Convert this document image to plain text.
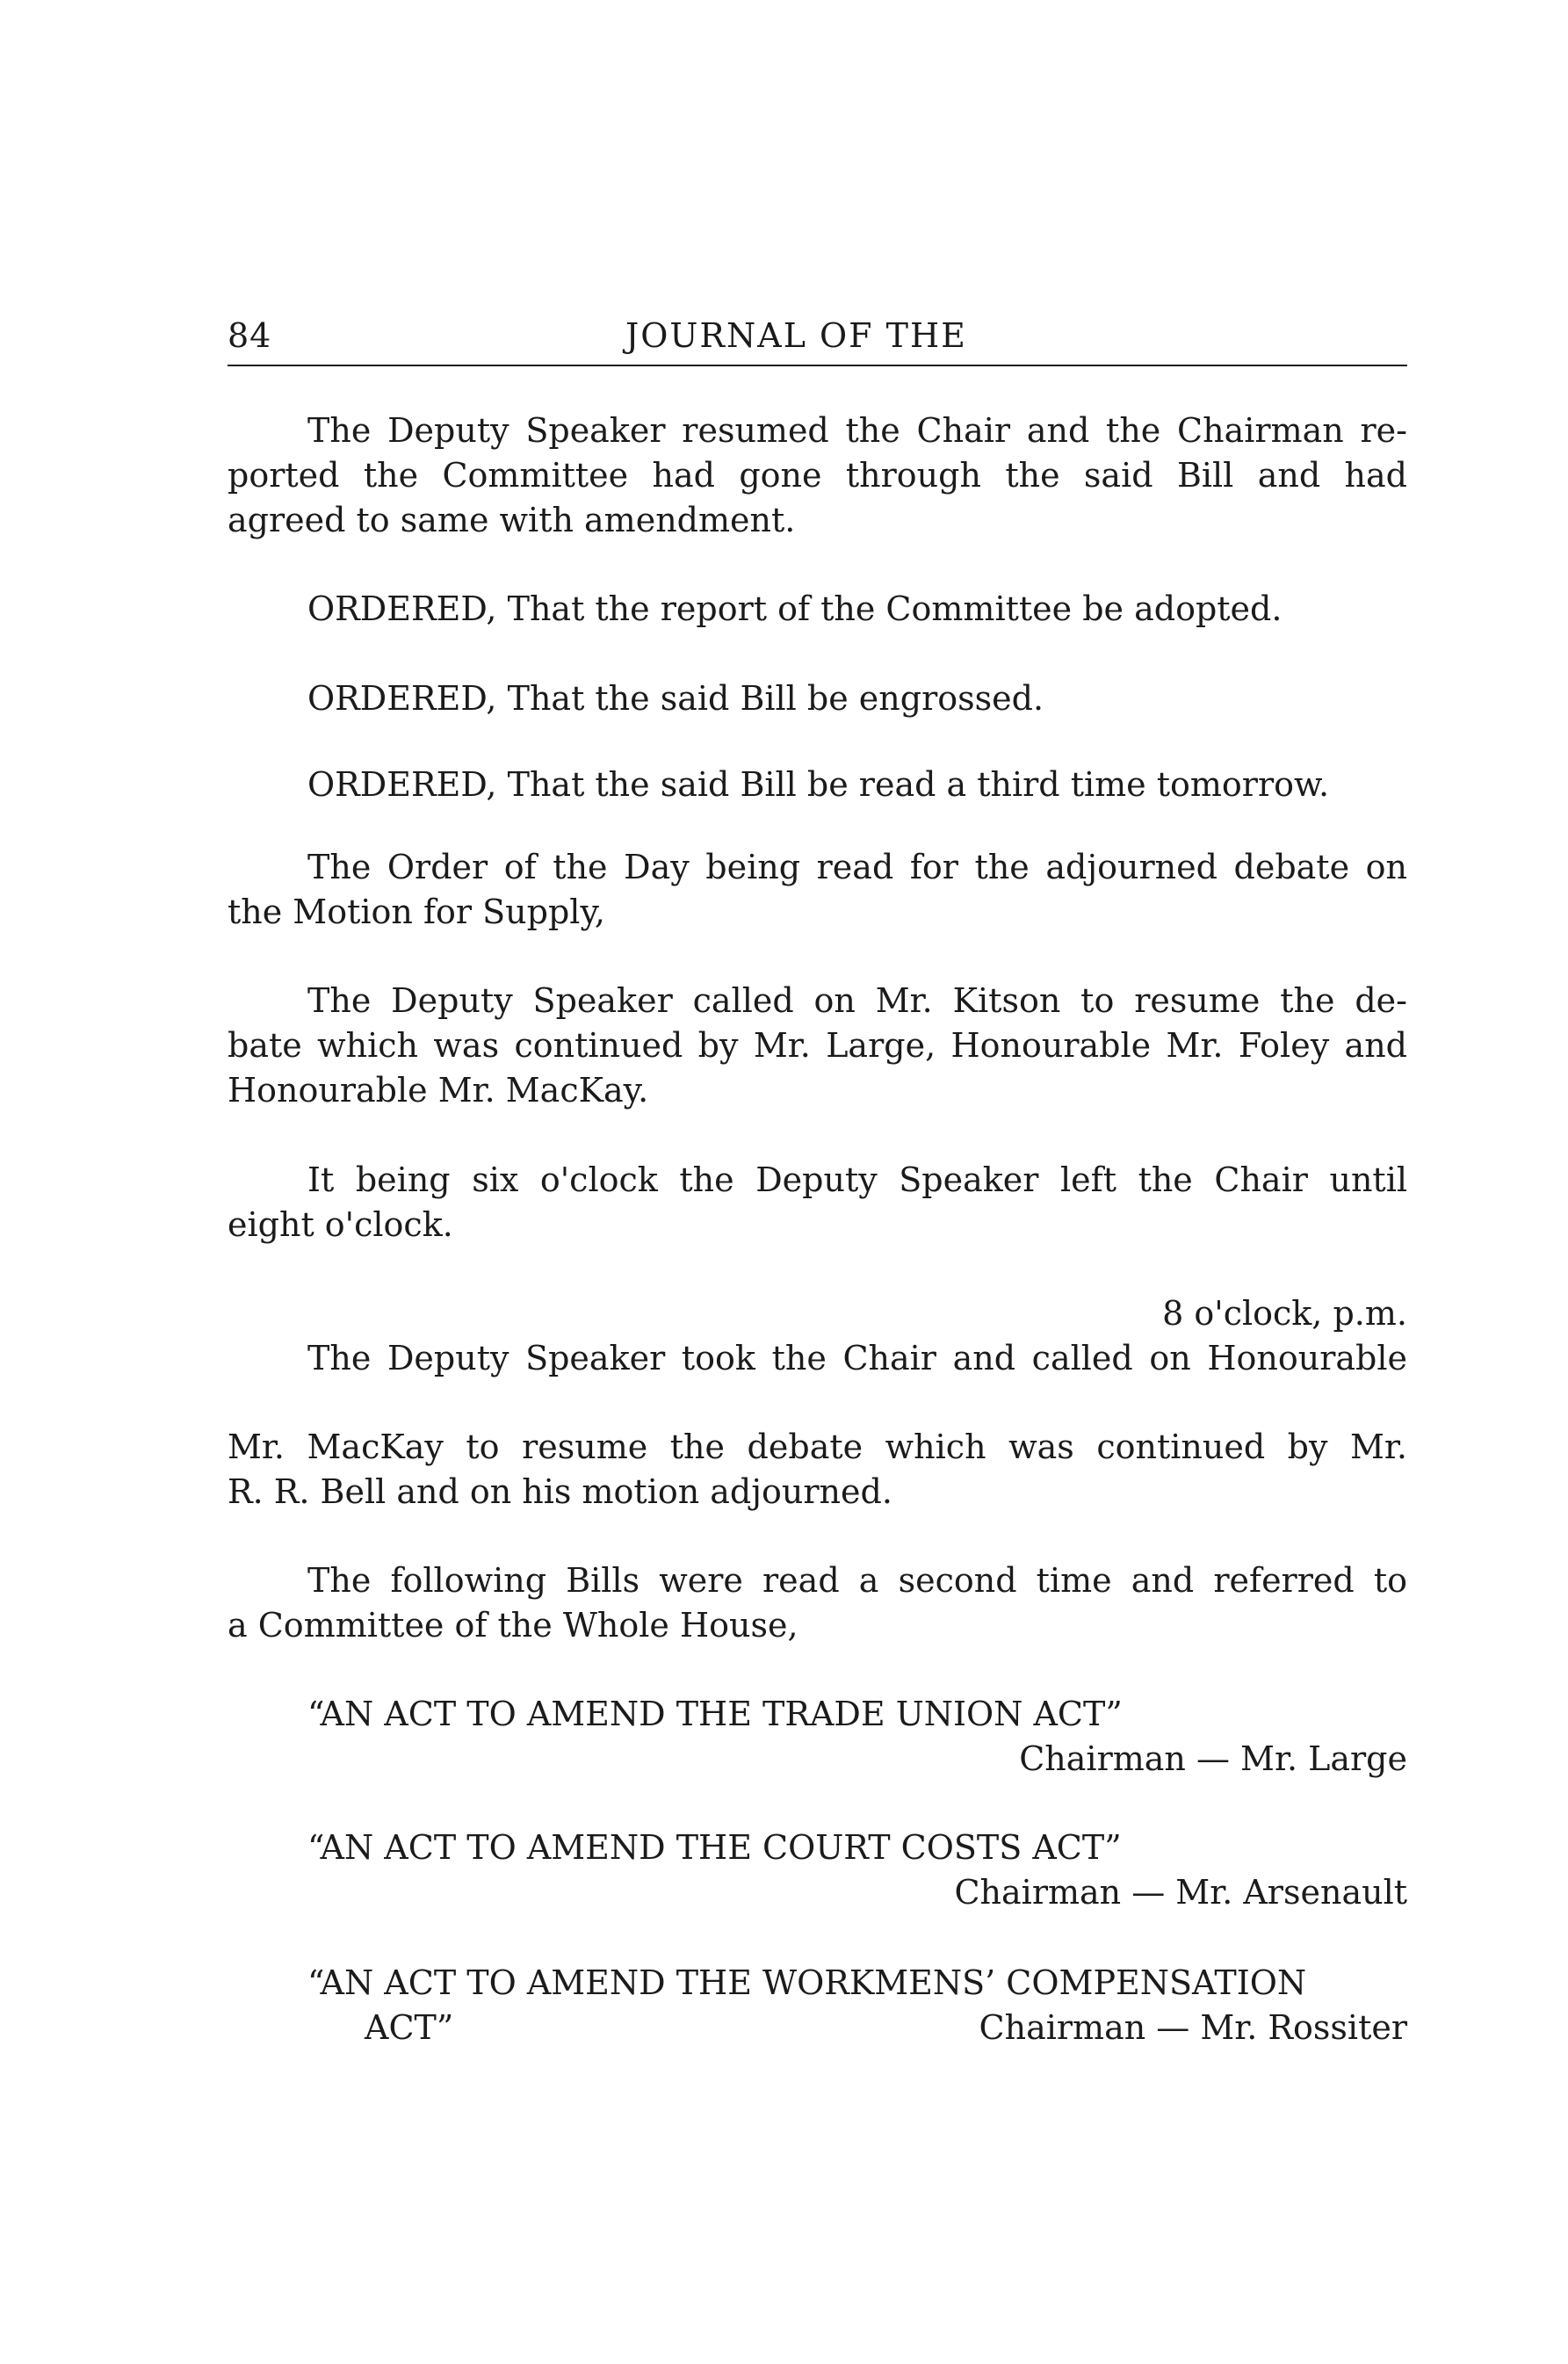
84	JOURNAL OF THE
The Deputy Speaker resumed the Chair and the Chairman re-
ported the Committee had gone through the said Bill and had
agreed to same with amendment.
ORDERED, That the report of the Committee be adopted.
ORDERED, That the said Bill be engrossed.
ORDERED, That the said Bill be read a third time tomorrow.
The Order of the Day being read for the adjourned debate on
the Motion for Supply,
The Deputy Speaker called on Mr. Kitson to resume the de-
bate which was continued by Mr. Large, Honourable Mr. Foley and
Honourable Mr. MacKay.
It being six o'clock the Deputy Speaker left the Chair until
eight o'clock.
8 o'clock, p.m.
The Deputy Speaker took the Chair and called on Honourable
Mr. MacKay to resume the debate which was continued by Mr.
R. R. Bell and on his motion adjourned.
The following Bills were read a second time and referred to
a Committee of the Whole House,
“AN ACT TO AMEND THE TRADE UNION ACT”
Chairman — Mr. Large
“AN ACT TO AMEND THE COURT COSTS ACT”
Chairman — Mr. Arsenault
“AN ACT TO AMEND THE WORKMENS’ COMPENSATION
ACT”	Chairman — Mr. Rossiter
